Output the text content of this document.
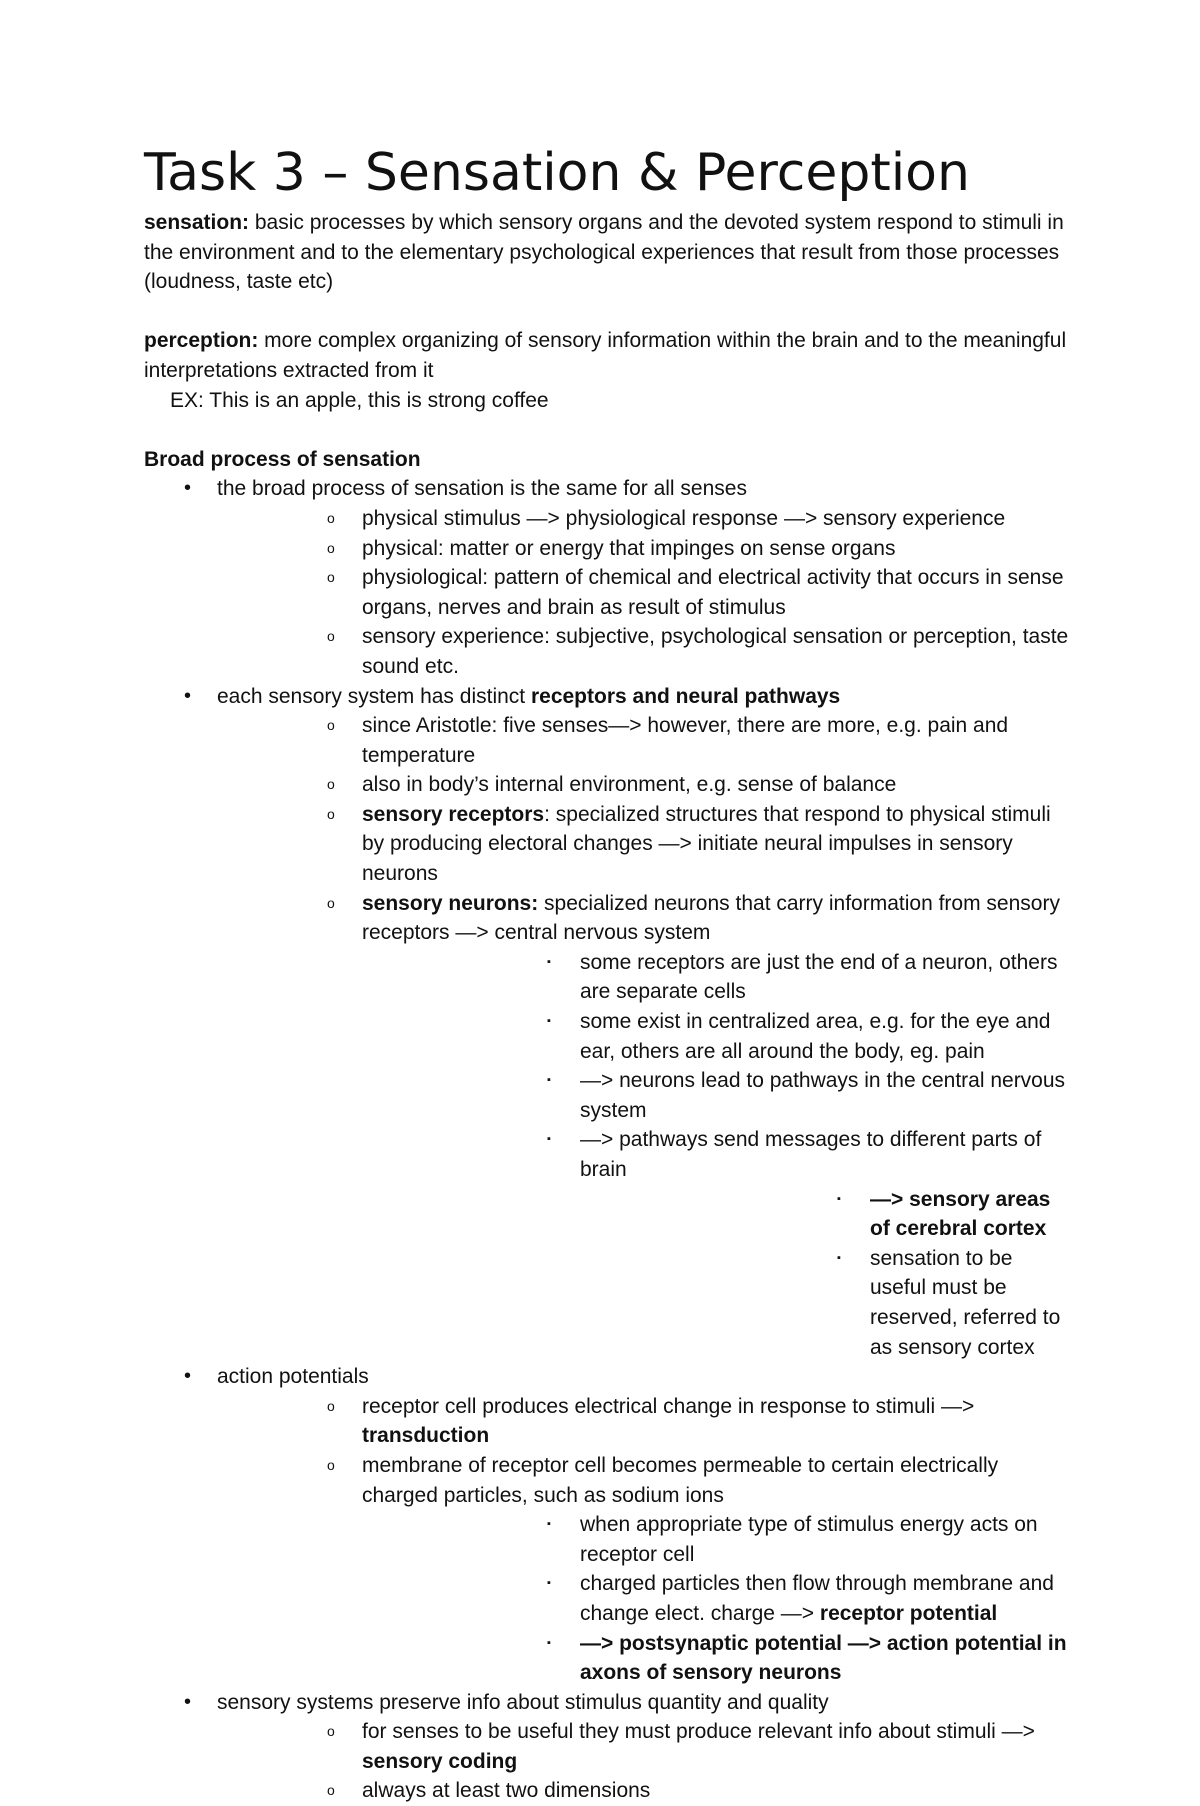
Task 3 – Sensation & Perception

sensation: basic processes by which sensory organs and the devoted system respond to stimuli in the environment and to the elementary psychological experiences that result from those processes (loudness, taste etc)

perception: more complex organizing of sensory information within the brain and to the meaningful interpretations extracted from it

EX: This is an apple, this is strong coffee

Broad process of sensation

• the broad process of sensation is the same for all senses
o physical stimulus —> physiological response —> sensory experience
o physical: matter or energy that impinges on sense organs
o physiological: pattern of chemical and electrical activity that occurs in sense organs, nerves and brain as result of stimulus
o sensory experience: subjective, psychological sensation or perception, taste sound etc.
• each sensory system has distinct receptors and neural pathways
o since Aristotle: five senses—> however, there are more, e.g. pain and temperature
o also in body’s internal environment, e.g. sense of balance
o sensory receptors: specialized structures that respond to physical stimuli by producing electoral changes —> initiate neural impulses in sensory neurons
o sensory neurons: specialized neurons that carry information from sensory receptors —> central nervous system
▪ some receptors are just the end of a neuron, others are separate cells
▪ some exist in centralized area, e.g. for the eye and ear, others are all around the body, eg. pain
▪ —> neurons lead to pathways in the central nervous system
▪ —> pathways send messages to different parts of brain
▪ —> sensory areas of cerebral cortex
▪ sensation to be useful must be reserved, referred to as sensory cortex
• action potentials
o receptor cell produces electrical change in response to stimuli —> transduction
o membrane of receptor cell becomes permeable to certain electrically charged particles, such as sodium ions
▪ when appropriate type of stimulus energy acts on receptor cell
▪ charged particles then flow through membrane and change elect. charge —> receptor potential
▪ —> postsynaptic potential —> action potential in axons of sensory neurons
• sensory systems preserve info about stimulus quantity and quality
o for senses to be useful they must produce relevant info about stimuli —> sensory coding
o always at least two dimensions
